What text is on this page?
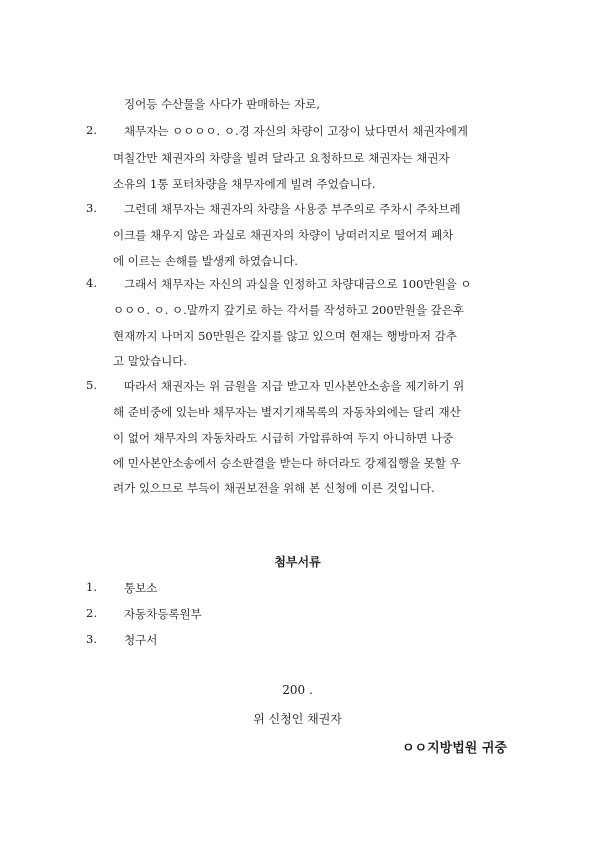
징어등 수산물을 사다가 판매하는 자로,
2. 채무자는 ㅇㅇㅇㅇ. ㅇ.경 자신의 차량이 고장이 났다면서 채권자에게
며칠간만 채권자의 차량을 빌려 달라고 요청하므로 채권자는 채권자
소유의 1통 포터차량을 채무자에게 빌려 주었습니다.
3. 그런데 채무자는 채권자의 차량을 사용중 부주의로 주차시 주차브레
이크를 채우지 않은 과실로 채권자의 차량이 낭떠러지로 떨어져 폐차
에 이르는 손해를 발생케 하였습니다.
4. 그래서 채무자는 자신의 과실을 인정하고 차량대금으로 100만원을 ㅇ
ㅇㅇㅇ. ㅇ. ㅇ.말까지 갚기로 하는 각서를 작성하고 200만원을 갚은후
현재까지 나머지 50만원은 갚지를 않고 있으며 현재는 행방마저 감추
고 말았습니다.
5. 따라서 채권자는 위 금원을 지급 받고자 민사본안소송을 제기하기 위
해 준비중에 있는바 채무자는 별지기재목록의 자동차외에는 달리 재산
이 없어 채무자의 자동차라도 시급히 가압류하여 두지 아니하면 나중
에 민사본안소송에서 승소판결을 받는다 하더라도 강제집행을 못할 우
려가 있으므로 부득이 채권보전을 위해 본 신청에 이른 것입니다.
첨부서류
1. 통보소
2. 자동차등록원부
3. 청구서
200 .
위 신청인 채권자
ㅇㅇ지방법원 귀중
